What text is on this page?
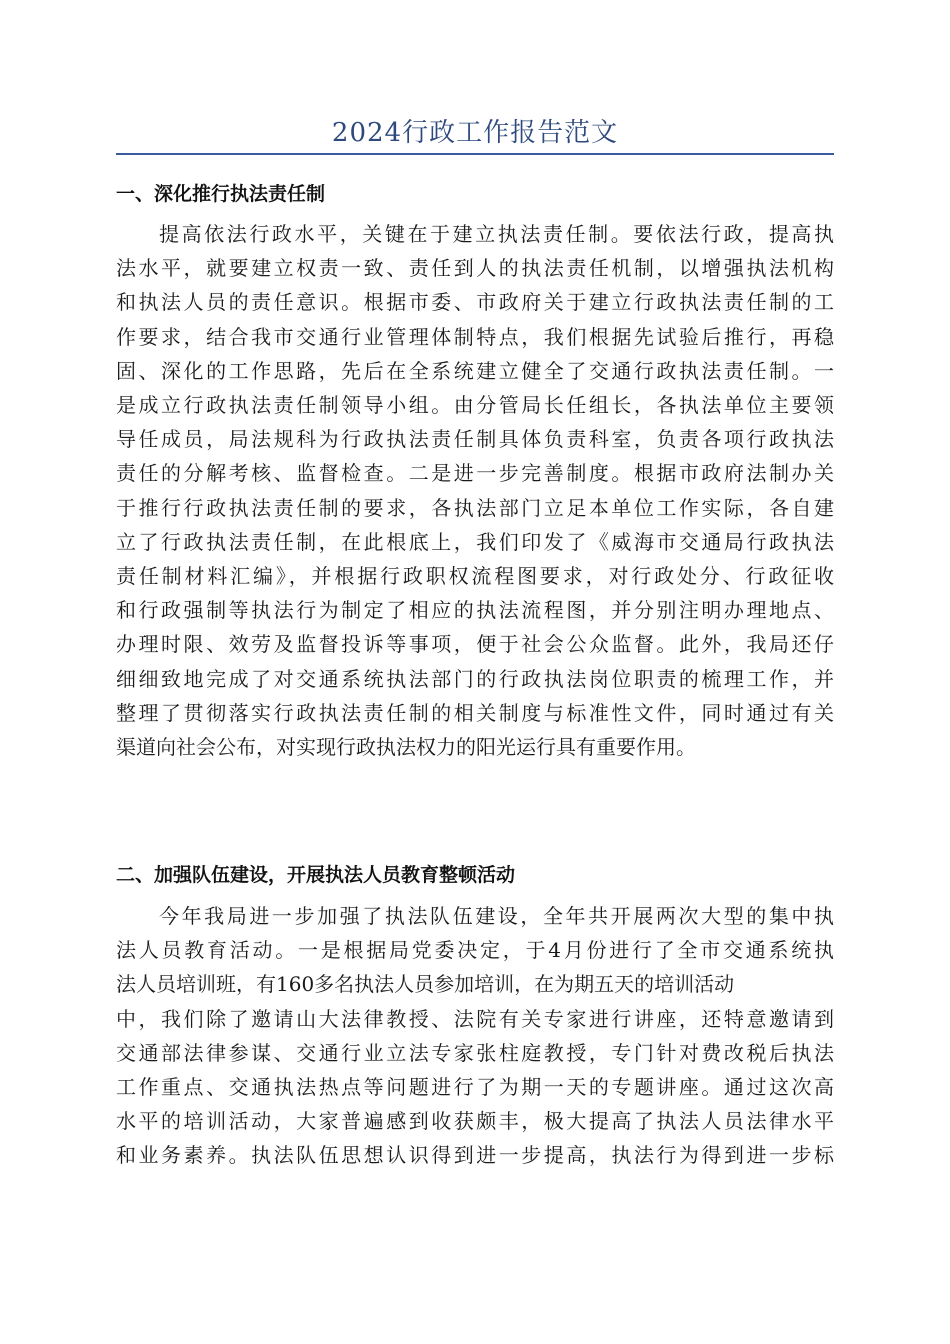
2024行政工作报告范文
一、深化推行执法责任制
提高依法行政水平，关键在于建立执法责任制。要依法行政，提高执
法水平，就要建立权责一致、责任到人的执法责任机制，以增强执法机构
和执法人员的责任意识。根据市委、市政府关于建立行政执法责任制的工
作要求，结合我市交通行业管理体制特点，我们根据先试验后推行，再稳
固、深化的工作思路，先后在全系统建立健全了交通行政执法责任制。一
是成立行政执法责任制领导小组。由分管局长任组长，各执法单位主要领
导任成员，局法规科为行政执法责任制具体负责科室，负责各项行政执法
责任的分解考核、监督检查。二是进一步完善制度。根据市政府法制办关
于推行行政执法责任制的要求，各执法部门立足本单位工作实际，各自建
立了行政执法责任制，在此根底上，我们印发了《威海市交通局行政执法
责任制材料汇编》，并根据行政职权流程图要求，对行政处分、行政征收
和行政强制等执法行为制定了相应的执法流程图，并分别注明办理地点、
办理时限、效劳及监督投诉等事项，便于社会公众监督。此外，我局还仔
细细致地完成了对交通系统执法部门的行政执法岗位职责的梳理工作，并
整理了贯彻落实行政执法责任制的相关制度与标准性文件，同时通过有关
渠道向社会公布，对实现行政执法权力的阳光运行具有重要作用。
二、加强队伍建设，开展执法人员教育整顿活动
今年我局进一步加强了执法队伍建设，全年共开展两次大型的集中执
法人员教育活动。一是根据局党委决定，于4月份进行了全市交通系统执
法人员培训班，有160多名执法人员参加培训，在为期五天的培训活动
中，我们除了邀请山大法律教授、法院有关专家进行讲座，还特意邀请到
交通部法律参谋、交通行业立法专家张柱庭教授，专门针对费改税后执法
工作重点、交通执法热点等问题进行了为期一天的专题讲座。通过这次高
水平的培训活动，大家普遍感到收获颇丰，极大提高了执法人员法律水平
和业务素养。执法队伍思想认识得到进一步提高，执法行为得到进一步标
